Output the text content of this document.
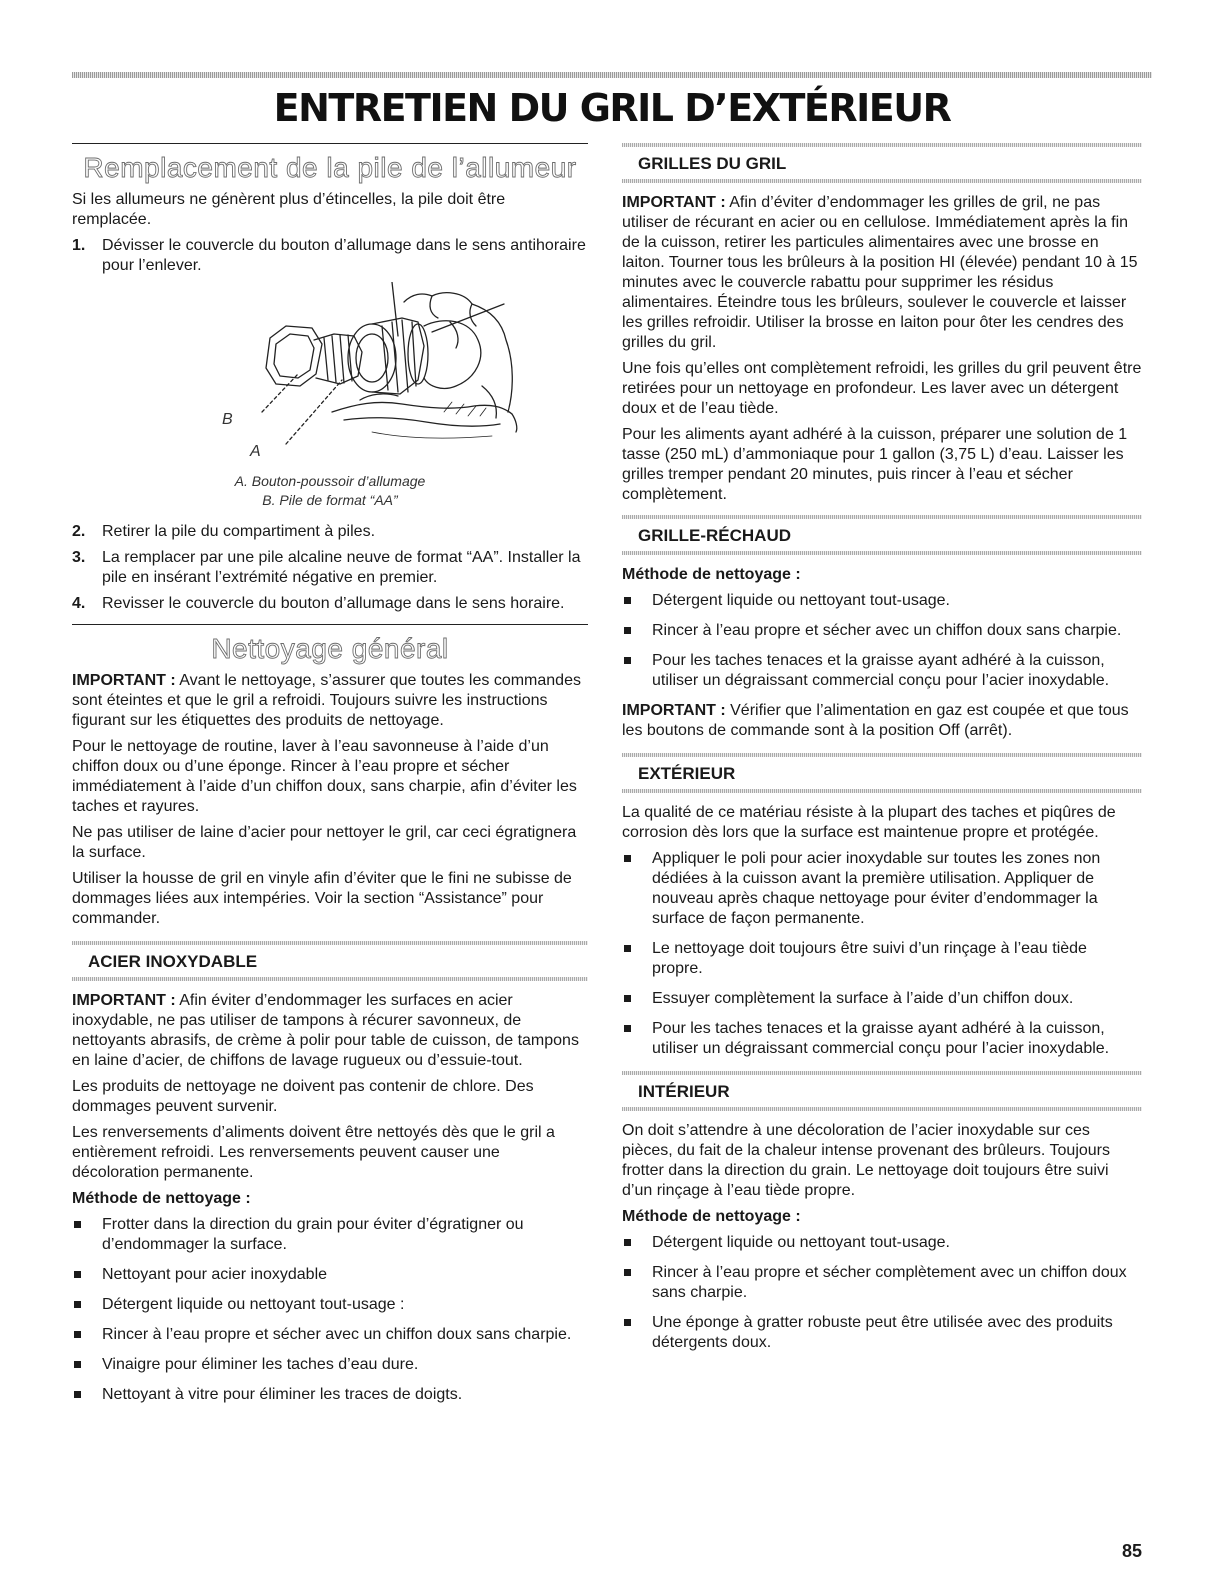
ENTRETIEN DU GRIL D’EXTÉRIEUR
Remplacement de la pile de l’allumeur

Si les allumeurs ne génèrent plus d’étincelles, la pile doit être remplacée.

1. Dévisser le couvercle du bouton d’allumage dans le sens antihoraire pour l’enlever.
B
A
A. Bouton-poussoir d’allumage
B. Pile de format “AA”
2. Retirer la pile du compartiment à piles.
3. La remplacer par une pile alcaline neuve de format “AA”. Installer la pile en insérant l’extrémité négative en premier.
4. Revisser le couvercle du bouton d’allumage dans le sens horaire.
Nettoyage général

IMPORTANT : Avant le nettoyage, s’assurer que toutes les commandes sont éteintes et que le gril a refroidi. Toujours suivre les instructions figurant sur les étiquettes des produits de nettoyage.

Pour le nettoyage de routine, laver à l’eau savonneuse à l’aide d’un chiffon doux ou d’une éponge. Rincer à l’eau propre et sécher immédiatement à l’aide d’un chiffon doux, sans charpie, afin d’éviter les taches et rayures.

Ne pas utiliser de laine d’acier pour nettoyer le gril, car ceci égratignera la surface.

Utiliser la housse de gril en vinyle afin d’éviter que le fini ne subisse de dommages liées aux intempéries. Voir la section “Assistance” pour commander.

ACIER INOXYDABLE

IMPORTANT : Afin éviter d’endommager les surfaces en acier inoxydable, ne pas utiliser de tampons à récurer savonneux, de nettoyants abrasifs, de crème à polir pour table de cuisson, de tampons en laine d’acier, de chiffons de lavage rugueux ou d’essuie-tout.

Les produits de nettoyage ne doivent pas contenir de chlore. Des dommages peuvent survenir.

Les renversements d’aliments doivent être nettoyés dès que le gril a entièrement refroidi. Les renversements peuvent causer une décoloration permanente.

Méthode de nettoyage :
Frotter dans la direction du grain pour éviter d’égratigner ou d’endommager la surface.
Nettoyant pour acier inoxydable
Détergent liquide ou nettoyant tout-usage :
Rincer à l’eau propre et sécher avec un chiffon doux sans charpie.
Vinaigre pour éliminer les taches d’eau dure.
Nettoyant à vitre pour éliminer les traces de doigts.
GRILLES DU GRIL

IMPORTANT : Afin d’éviter d’endommager les grilles de gril, ne pas utiliser de récurant en acier ou en cellulose. Immédiatement après la fin de la cuisson, retirer les particules alimentaires avec une brosse en laiton. Tourner tous les brûleurs à la position HI (élevée) pendant 10 à 15 minutes avec le couvercle rabattu pour supprimer les résidus alimentaires. Éteindre tous les brûleurs, soulever le couvercle et laisser les grilles refroidir. Utiliser la brosse en laiton pour ôter les cendres des grilles du gril.

Une fois qu’elles ont complètement refroidi, les grilles du gril peuvent être retirées pour un nettoyage en profondeur. Les laver avec un détergent doux et de l’eau tiède.

Pour les aliments ayant adhéré à la cuisson, préparer une solution de 1 tasse (250 mL) d’ammoniaque pour 1 gallon (3,75 L) d’eau. Laisser les grilles tremper pendant 20 minutes, puis rincer à l’eau et sécher complètement.

GRILLE-RÉCHAUD
Méthode de nettoyage :
Détergent liquide ou nettoyant tout-usage.
Rincer à l’eau propre et sécher avec un chiffon doux sans charpie.
Pour les taches tenaces et la graisse ayant adhéré à la cuisson, utiliser un dégraissant commercial conçu pour l’acier inoxydable.

IMPORTANT : Vérifier que l’alimentation en gaz est coupée et que tous les boutons de commande sont à la position Off (arrêt).

EXTÉRIEUR

La qualité de ce matériau résiste à la plupart des taches et piqûres de corrosion dès lors que la surface est maintenue propre et protégée.

Appliquer le poli pour acier inoxydable sur toutes les zones non dédiées à la cuisson avant la première utilisation. Appliquer de nouveau après chaque nettoyage pour éviter d’endommager la surface de façon permanente.
Le nettoyage doit toujours être suivi d’un rinçage à l’eau tiède propre.
Essuyer complètement la surface à l’aide d’un chiffon doux.
Pour les taches tenaces et la graisse ayant adhéré à la cuisson, utiliser un dégraissant commercial conçu pour l’acier inoxydable.
INTÉRIEUR

On doit s’attendre à une décoloration de l’acier inoxydable sur ces pièces, du fait de la chaleur intense provenant des brûleurs. Toujours frotter dans la direction du grain. Le nettoyage doit toujours être suivi d’un rinçage à l’eau tiède propre.

Méthode de nettoyage :
Détergent liquide ou nettoyant tout-usage.
Rincer à l’eau propre et sécher complètement avec un chiffon doux sans charpie.
Une éponge à gratter robuste peut être utilisée avec des produits détergents doux.
85
